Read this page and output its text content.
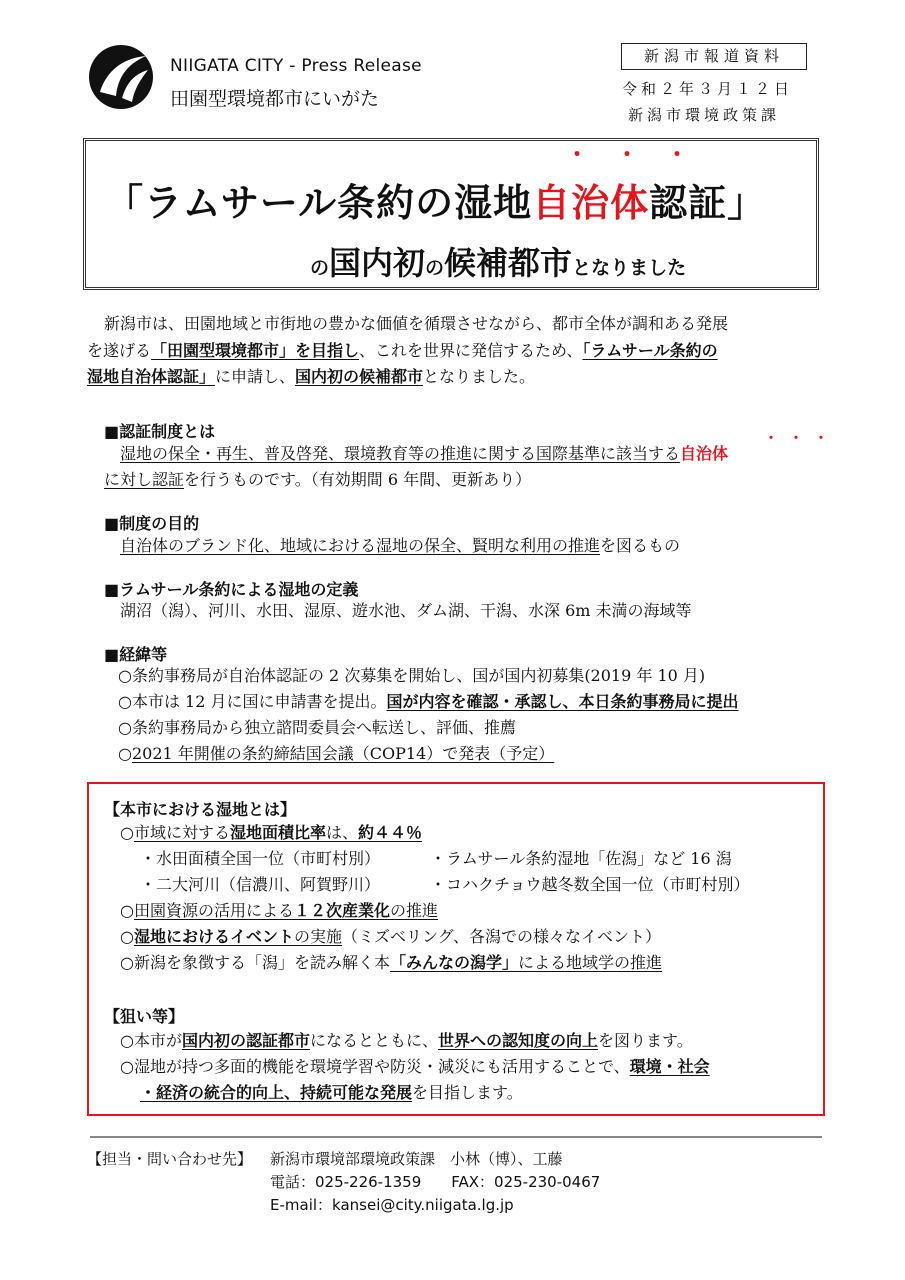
NIIGATA CITY - Press Release
田園型環境都市にいがた
新潟市報道資料
令和２年３月１２日
新潟市環境政策課
・・・
「ラムサール条約の湿地自治体認証」
の国内初の候補都市となりました
新潟市は、田園地域と市街地の豊かな価値を循環させながら、都市全体が調和ある発展
を遂げる「田園型環境都市」を目指し、これを世界に発信するため、「ラムサール条約の
湿地自治体認証」に申請し、国内初の候補都市となりました。
■認証制度とは	・・・
湿地の保全・再生、普及啓発、環境教育等の推進に関する国際基準に該当する自治体
に対し認証を行うものです。（有効期間 6 年間、更新あり）
■制度の目的
自治体のブランド化、地域における湿地の保全、賢明な利用の推進を図るもの
■ラムサール条約による湿地の定義
湖沼（潟）、河川、水田、湿原、遊水池、ダム湖、干潟、水深 6m 未満の海域等
■経緯等
○条約事務局が自治体認証の 2 次募集を開始し、国が国内初募集(2019 年 10 月)
○本市は 12 月に国に申請書を提出。国が内容を確認・承認し、本日条約事務局に提出
○条約事務局から独立諮問委員会へ転送し、評価、推薦
○2021 年開催の条約締結国会議（COP14）で発表（予定）
【本市における湿地とは】
○市域に対する湿地面積比率は、約４４％
・水田面積全国一位（市町村別）	・ラムサール条約湿地「佐潟」など 16 潟
・二大河川（信濃川、阿賀野川）	・コハクチョウ越冬数全国一位（市町村別）
○田園資源の活用による１２次産業化の推進
○湿地におけるイベントの実施（ミズベリング、各潟での様々なイベント）
○新潟を象徴する「潟」を読み解く本「みんなの潟学」による地域学の推進
【狙い等】
○本市が国内初の認証都市になるとともに、世界への認知度の向上を図ります。
○湿地が持つ多面的機能を環境学習や防災・減災にも活用することで、環境・社会
・経済の統合的向上、持続可能な発展を目指します。
【担当・問い合わせ先】 新潟市環境部環境政策課　小林（博）、工藤
電話：025-226-1359　　FAX：025-230-0467
E-mail：kansei@city.niigata.lg.jp
